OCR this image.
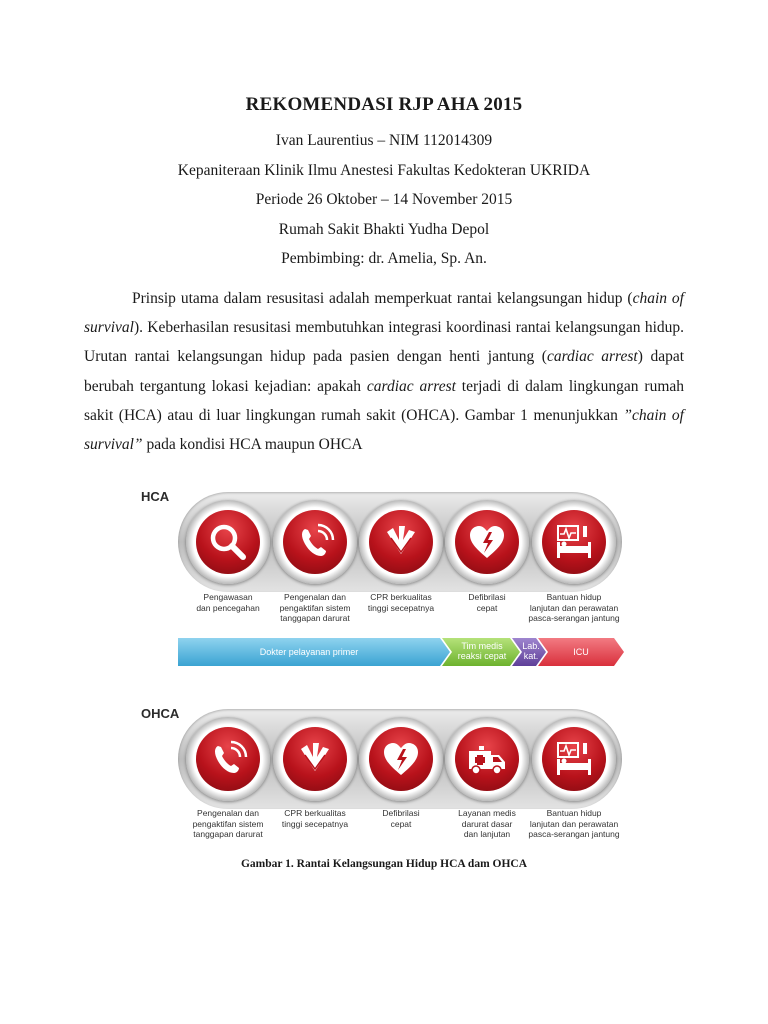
REKOMENDASI RJP AHA 2015
Ivan Laurentius – NIM 112014309
Kepaniteraan Klinik Ilmu Anestesi Fakultas Kedokteran UKRIDA
Periode 26 Oktober – 14 November 2015
Rumah Sakit Bhakti Yudha Depol
Pembimbing: dr. Amelia, Sp. An.
Prinsip utama dalam resusitasi adalah memperkuat rantai kelangsungan hidup (chain of survival). Keberhasilan resusitasi membutuhkan integrasi koordinasi rantai kelangsungan hidup. Urutan rantai kelangsungan hidup pada pasien dengan henti jantung (cardiac arrest) dapat berubah tergantung lokasi kejadian: apakah cardiac arrest terjadi di dalam lingkungan rumah sakit (HCA) atau di luar lingkungan rumah sakit (OHCA). Gambar 1 menunjukkan ”chain of survival” pada kondisi HCA maupun OHCA
HCA
Pengawasan
dan pencegahan
Pengenalan dan
pengaktifan sistem
tanggapan darurat
CPR berkualitas
tinggi secepatnya
Defibrilasi
cepat
Bantuan hidup
lanjutan dan perawatan
pasca-serangan jantung
Dokter pelayanan primer
Tim medis
reaksi cepat
Lab.
kat.	ICU
OHCA
Pengenalan dan
pengaktifan sistem
tanggapan darurat
CPR berkualitas
tinggi secepatnya
Defibrilasi
cepat
Layanan medis
darurat dasar
dan lanjutan
Bantuan hidup
lanjutan dan perawatan
pasca-serangan jantung
Gambar 1. Rantai Kelangsungan Hidup HCA dam OHCA
